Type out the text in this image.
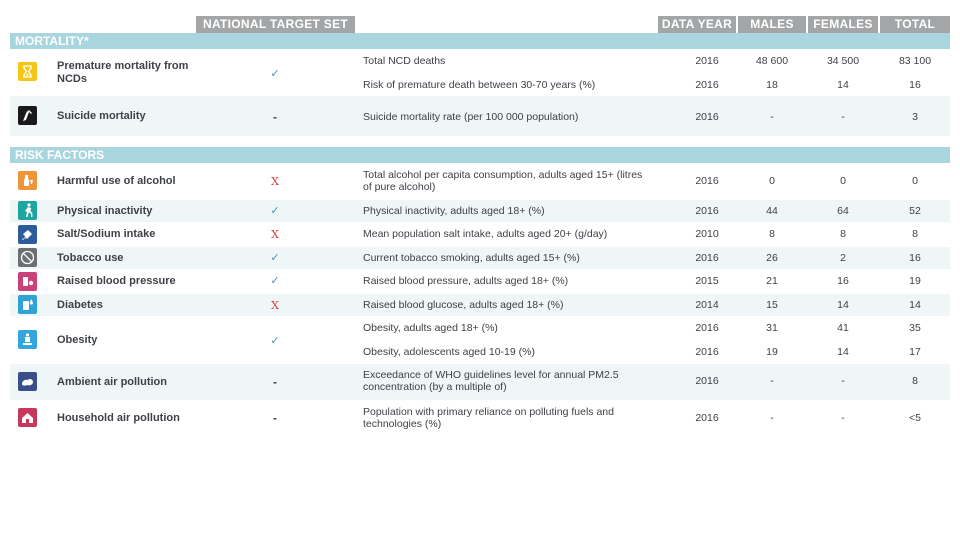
NATIONAL TARGET SET	DATA YEAR	MALES	FEMALES	TOTAL
MORTALITY*
Premature mortality from NCDs	✓
Total NCD deaths	2016	48 600	34 500	83 100
Risk of premature death between 30-70 years (%)	2016	18	14	16
Suicide mortality	-	Suicide mortality rate (per 100 000 population)	2016	-	-	3
RISK FACTORS
Harmful use of alcohol	X	Total alcohol per capita consumption, adults aged 15+ (litres of pure alcohol)	2016	0	0	0
Physical inactivity	✓	Physical inactivity, adults aged 18+ (%)	2016	44	64	52
Salt/Sodium intake	X	Mean population salt intake, adults aged 20+ (g/day)	2010	8	8	8
Tobacco use	✓	Current tobacco smoking, adults aged 15+ (%)	2016	26	2	16
Raised blood pressure	✓	Raised blood pressure, adults aged 18+ (%)	2015	21	16	19
Diabetes	X	Raised blood glucose, adults aged 18+ (%)	2014	15	14	14
Obesity	✓
Obesity, adults aged 18+ (%)	2016	31	41	35
Obesity, adolescents aged 10-19 (%)	2016	19	14	17
Ambient air pollution	-	Exceedance of WHO guidelines level for annual PM2.5 concentration (by a multiple of)	2016	-	-	8
Household air pollution	-	Population with primary reliance on polluting fuels and technologies (%)	2016	-	-	<5
